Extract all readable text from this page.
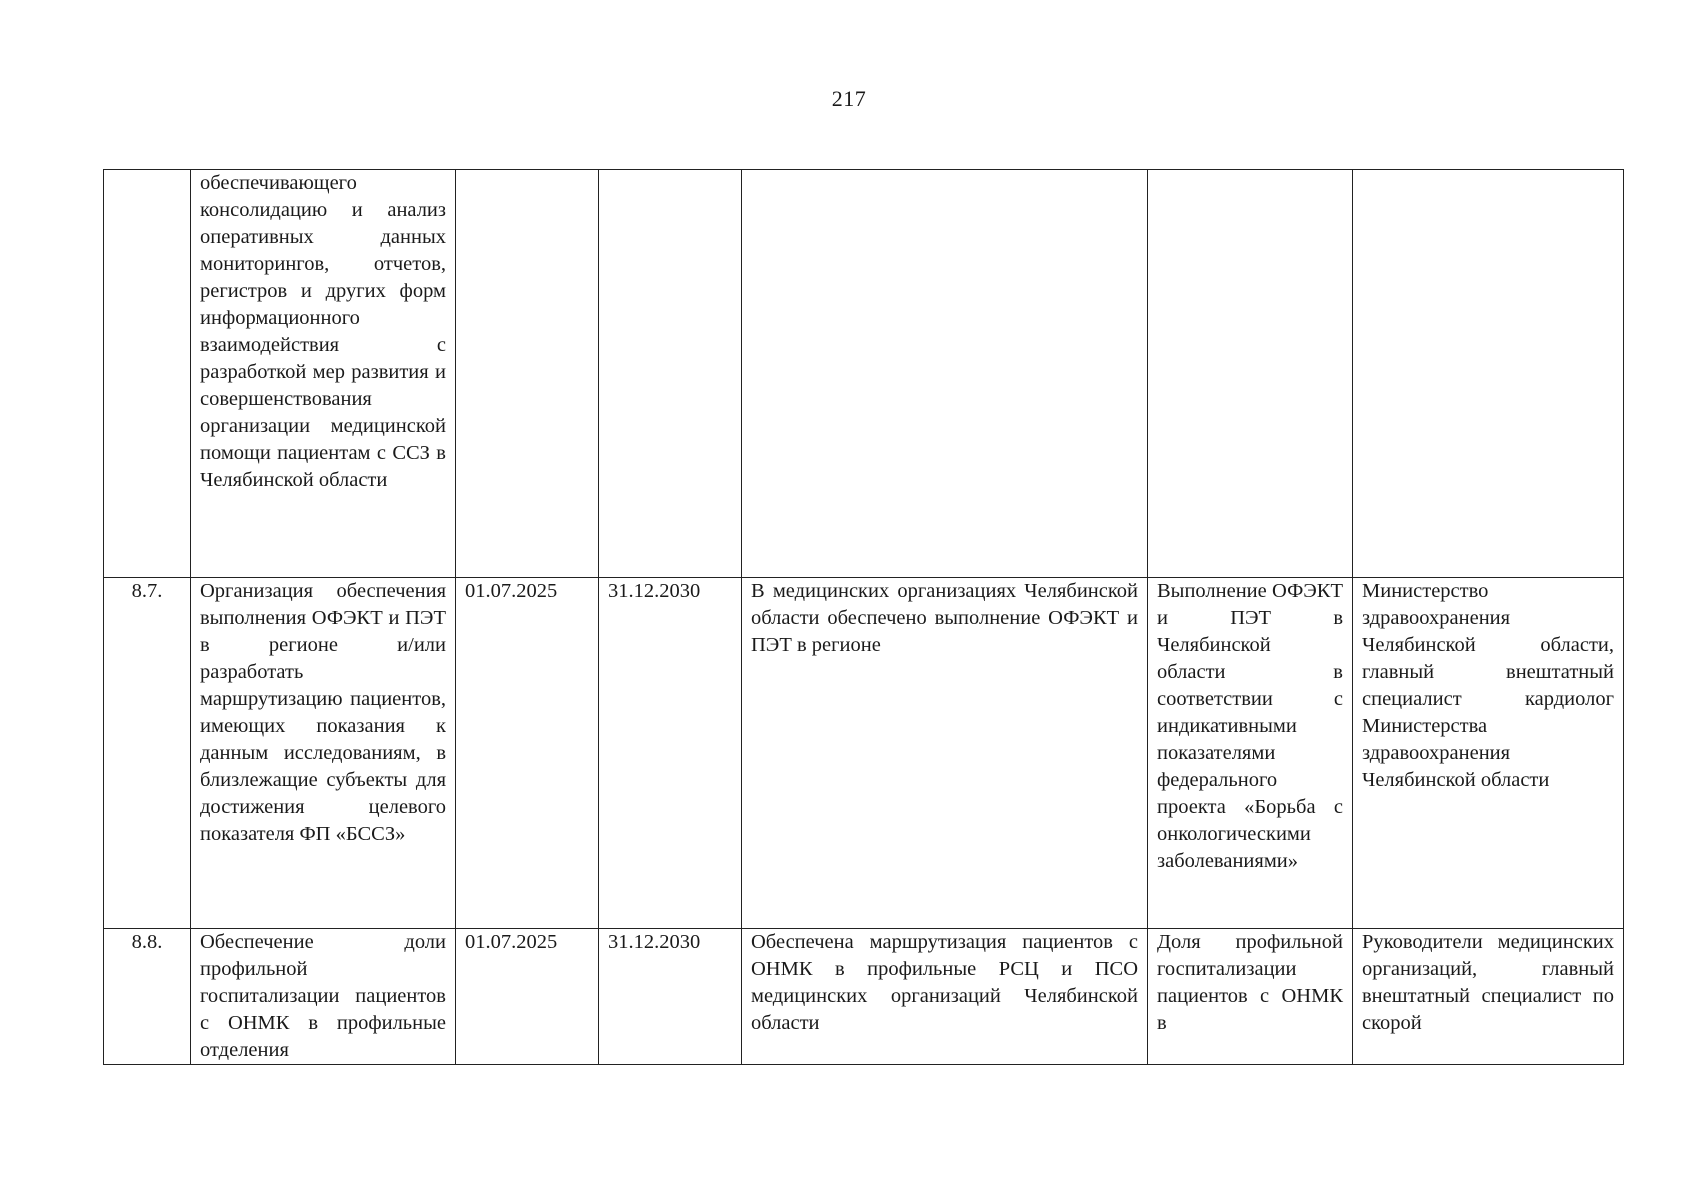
217
	обеспечивающего консолидацию и анализ оперативных данных мониторингов, отчетов, регистров и других форм информационного взаимодействия с разработкой мер развития и совершенствования организации медицинской помощи пациентам с ССЗ в Челябинской области					
8.7.	Организация обеспечения выполнения ОФЭКТ и ПЭТ в регионе и/или разработать маршрутизацию пациентов, имеющих показания к данным исследованиям, в близлежащие субъекты для достижения целевого показателя ФП «БССЗ»	01.07.2025	31.12.2030	В медицинских организациях Челябинской области обеспечено выполнение ОФЭКТ и ПЭТ в регионе	Выполнение ОФЭКТ и ПЭТ в Челябинской области в соответствии с индикативными показателями федерального проекта «Борьба с онкологическими заболеваниями»	Министерство здравоохранения Челябинской области, главный внештатный специалист кардиолог Министерства здравоохранения Челябинской области
8.8.	Обеспечение доли профильной госпитализации пациентов с ОНМК в профильные отделения	01.07.2025	31.12.2030	Обеспечена маршрутизация пациентов с ОНМК в профильные РСЦ и ПСО медицинских организаций Челябинской области	Доля профильной госпитализации пациентов с ОНМК в	Руководители медицинских организаций, главный внештатный специалист по скорой
